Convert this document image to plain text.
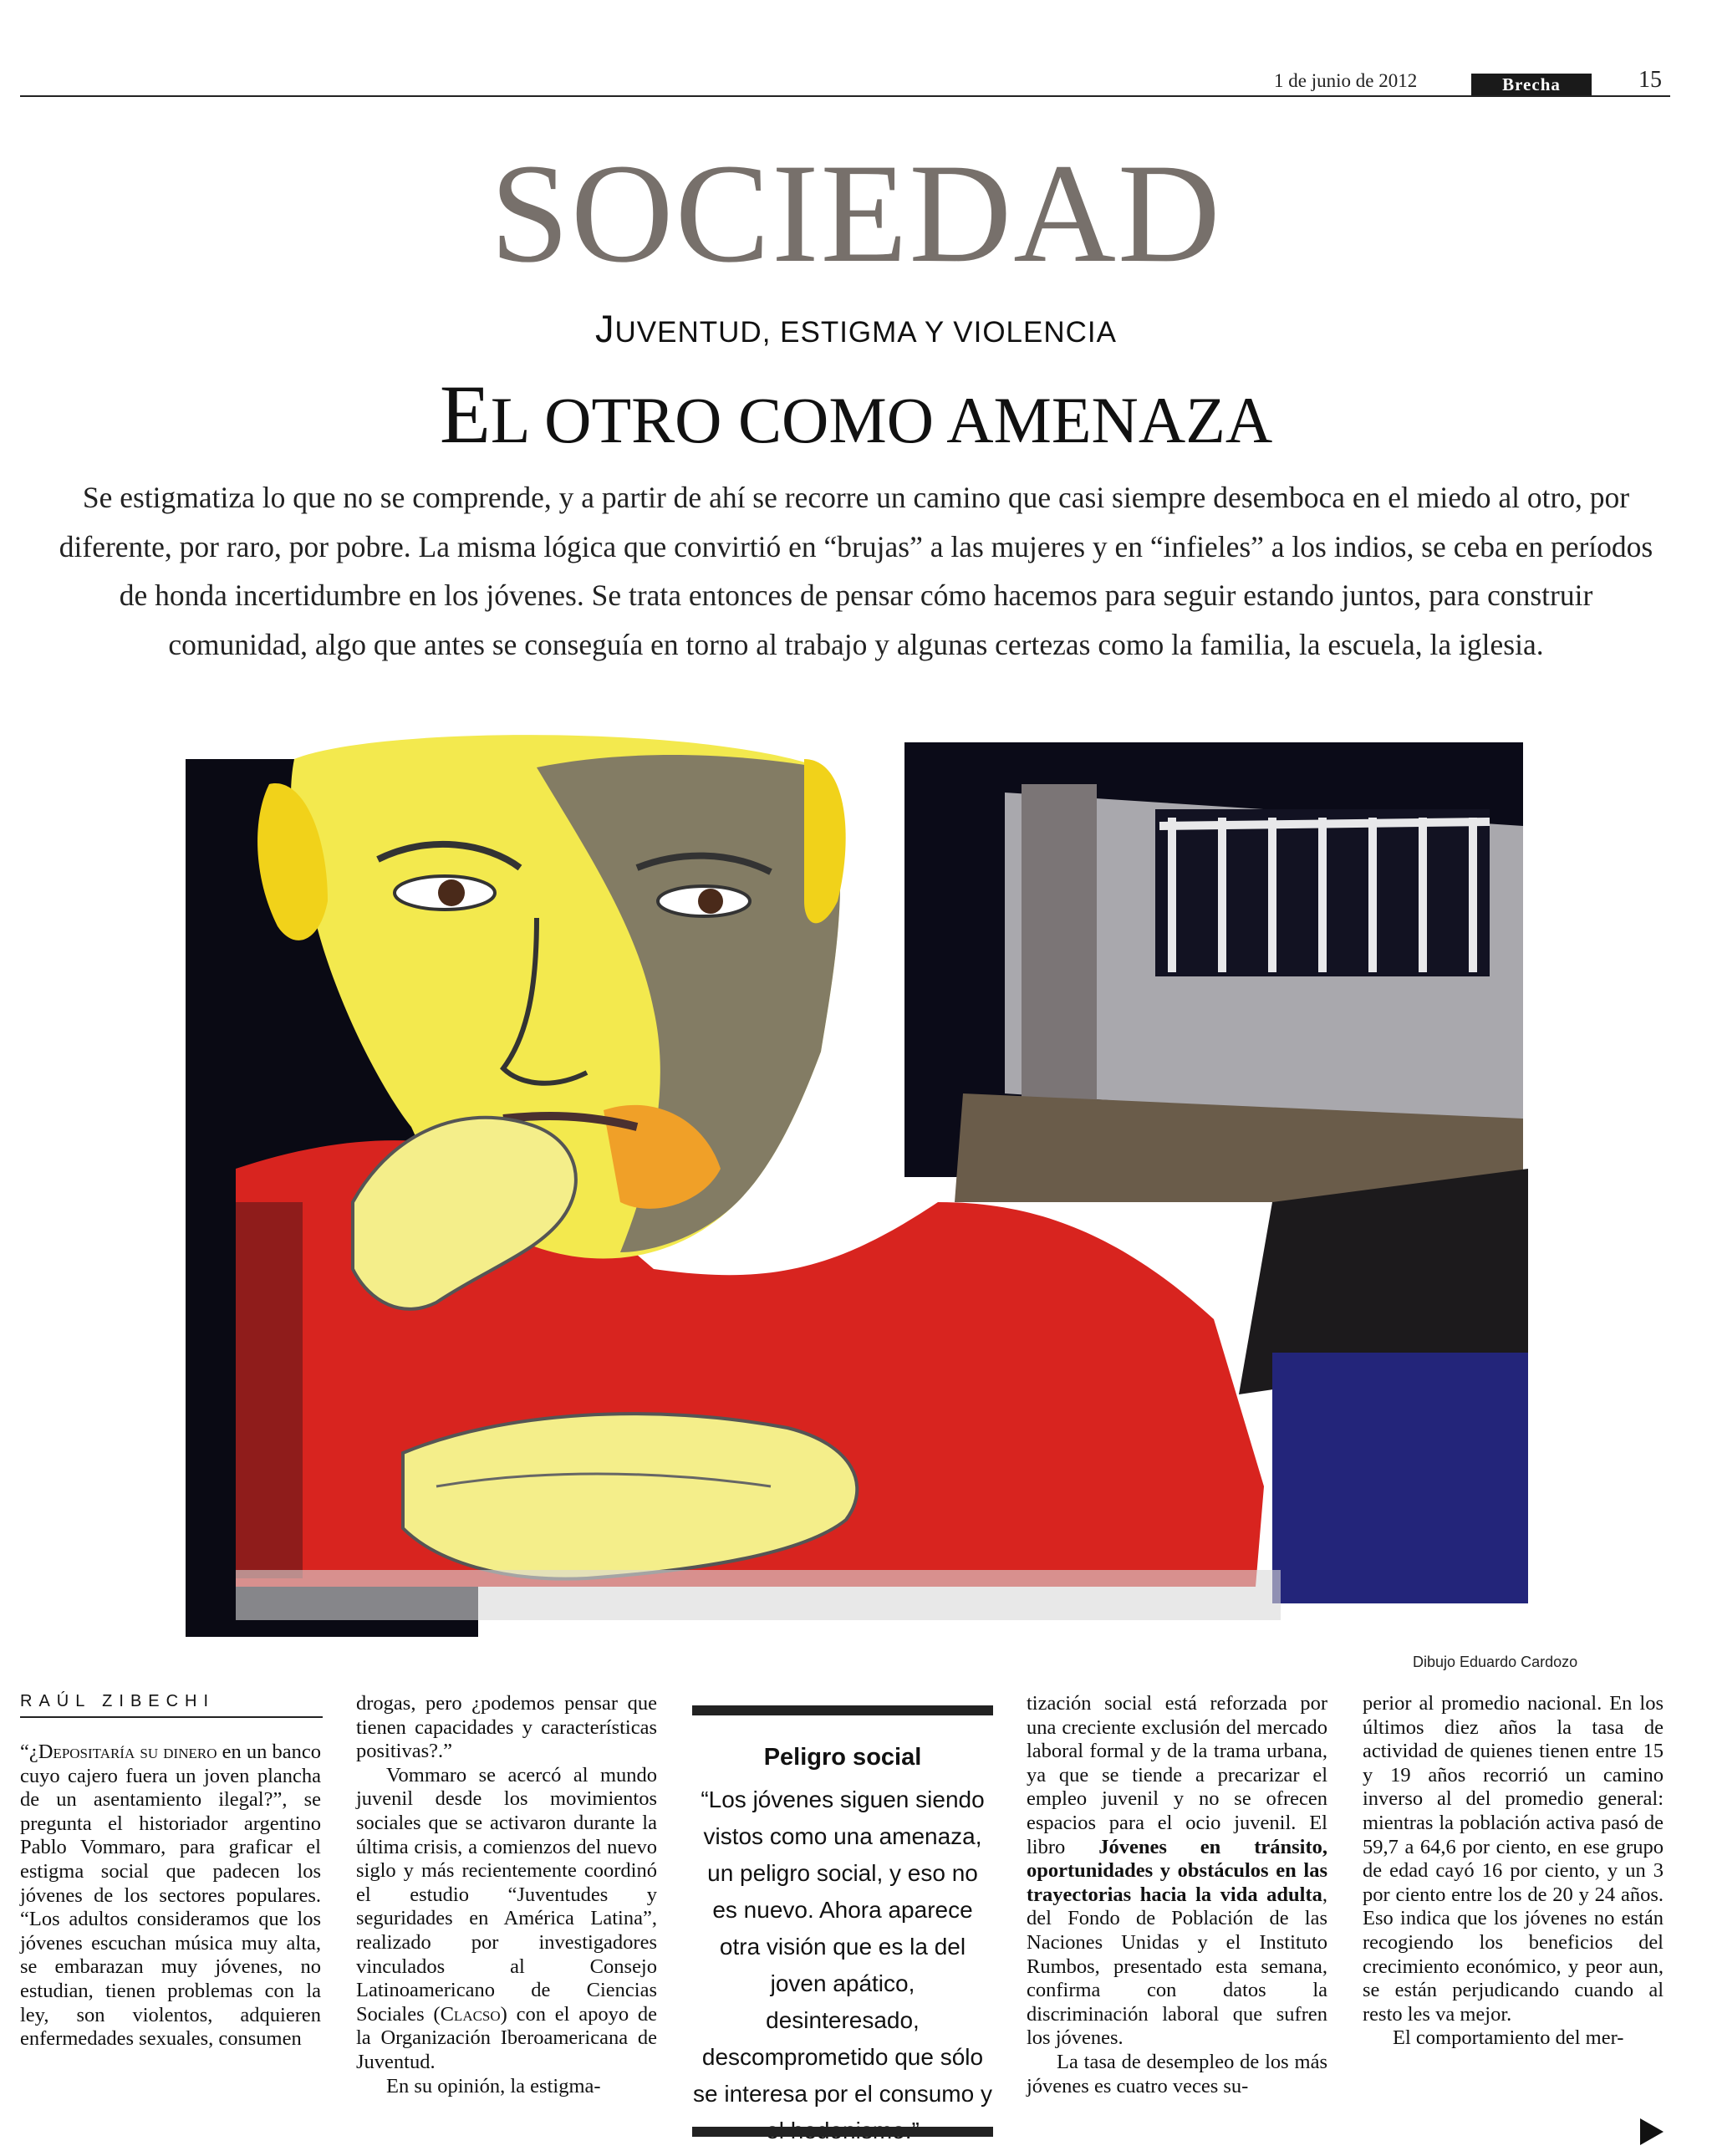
1 de junio de 2012	Brecha	15
SOCIEDAD
JUVENTUD, ESTIGMA Y VIOLENCIA
EL OTRO COMO AMENAZA
Se estigmatiza lo que no se comprende, y a partir de ahí se recorre un camino que casi siempre desemboca en el miedo al otro, por diferente, por raro, por pobre. La misma lógica que convirtió en “brujas” a las mujeres y en “infieles” a los indios, se ceba en períodos de honda incertidumbre en los jóvenes. Se trata entonces de pensar cómo hacemos para seguir estando juntos, para construir comunidad, algo que antes se conseguía en torno al trabajo y algunas certezas como la familia, la escuela, la iglesia.
Dibujo Eduardo Cardozo
RAÚL ZIBECHI

“¿Depositaría su dinero en un banco cuyo cajero fuera un joven plancha de un asentamiento ilegal?”, se pregunta el historiador argentino Pablo Vommaro, para graficar el estigma social que padecen los jóvenes de los sectores populares. “Los adultos consideramos que los jóvenes escuchan música muy alta, se embarazan muy jóvenes, no estudian, tienen problemas con la ley, son violentos, adquieren enfermedades sexuales, consumen

drogas, pero ¿podemos pensar que tienen capacidades y características positivas?.”

Vommaro se acercó al mundo juvenil desde los movimientos sociales que se activaron durante la última crisis, a comienzos del nuevo siglo y más recientemente coordinó el estudio “Juventudes y seguridades en América Latina”, realizado por investigadores vinculados al Consejo Latinoamericano de Ciencias Sociales (Clacso) con el apoyo de la Organización Iberoamericana de Juventud.

En su opinión, la estigma-

Peligro social
“Los jóvenes siguen siendo vistos como una amenaza, un peligro social, y eso no es nuevo. Ahora aparece otra visión que es la del joven apático, desinteresado, descomprometido que sólo se interesa por el consumo y

tización social está reforzada por una creciente exclusión del mercado laboral formal y de la trama urbana, ya que se tiende a precarizar el empleo juvenil y no se ofrecen espacios para el ocio juvenil. El libro Jóvenes en tránsito, oportunidades y obstáculos en las trayectorias hacia la vida adulta, del Fondo de Población de las Naciones Unidas y el Instituto Rumbos, presentado esta semana, confirma con datos la discriminación laboral que sufren los jóvenes.

La tasa de desempleo de los más jóvenes es cuatro veces su-

perior al promedio nacional. En los últimos diez años la tasa de actividad de quienes tienen entre 15 y 19 años recorrió un camino inverso al del promedio general: mientras la población activa pasó de 59,7 a 64,6 por ciento, en ese grupo de edad cayó 16 por ciento, y un 3 por ciento entre los de 20 y 24 años. Eso indica que los jóvenes no están recogiendo los beneficios del crecimiento económico, y peor aun, se están perjudicando cuando al resto les va mejor.

El comportamiento del mer-
